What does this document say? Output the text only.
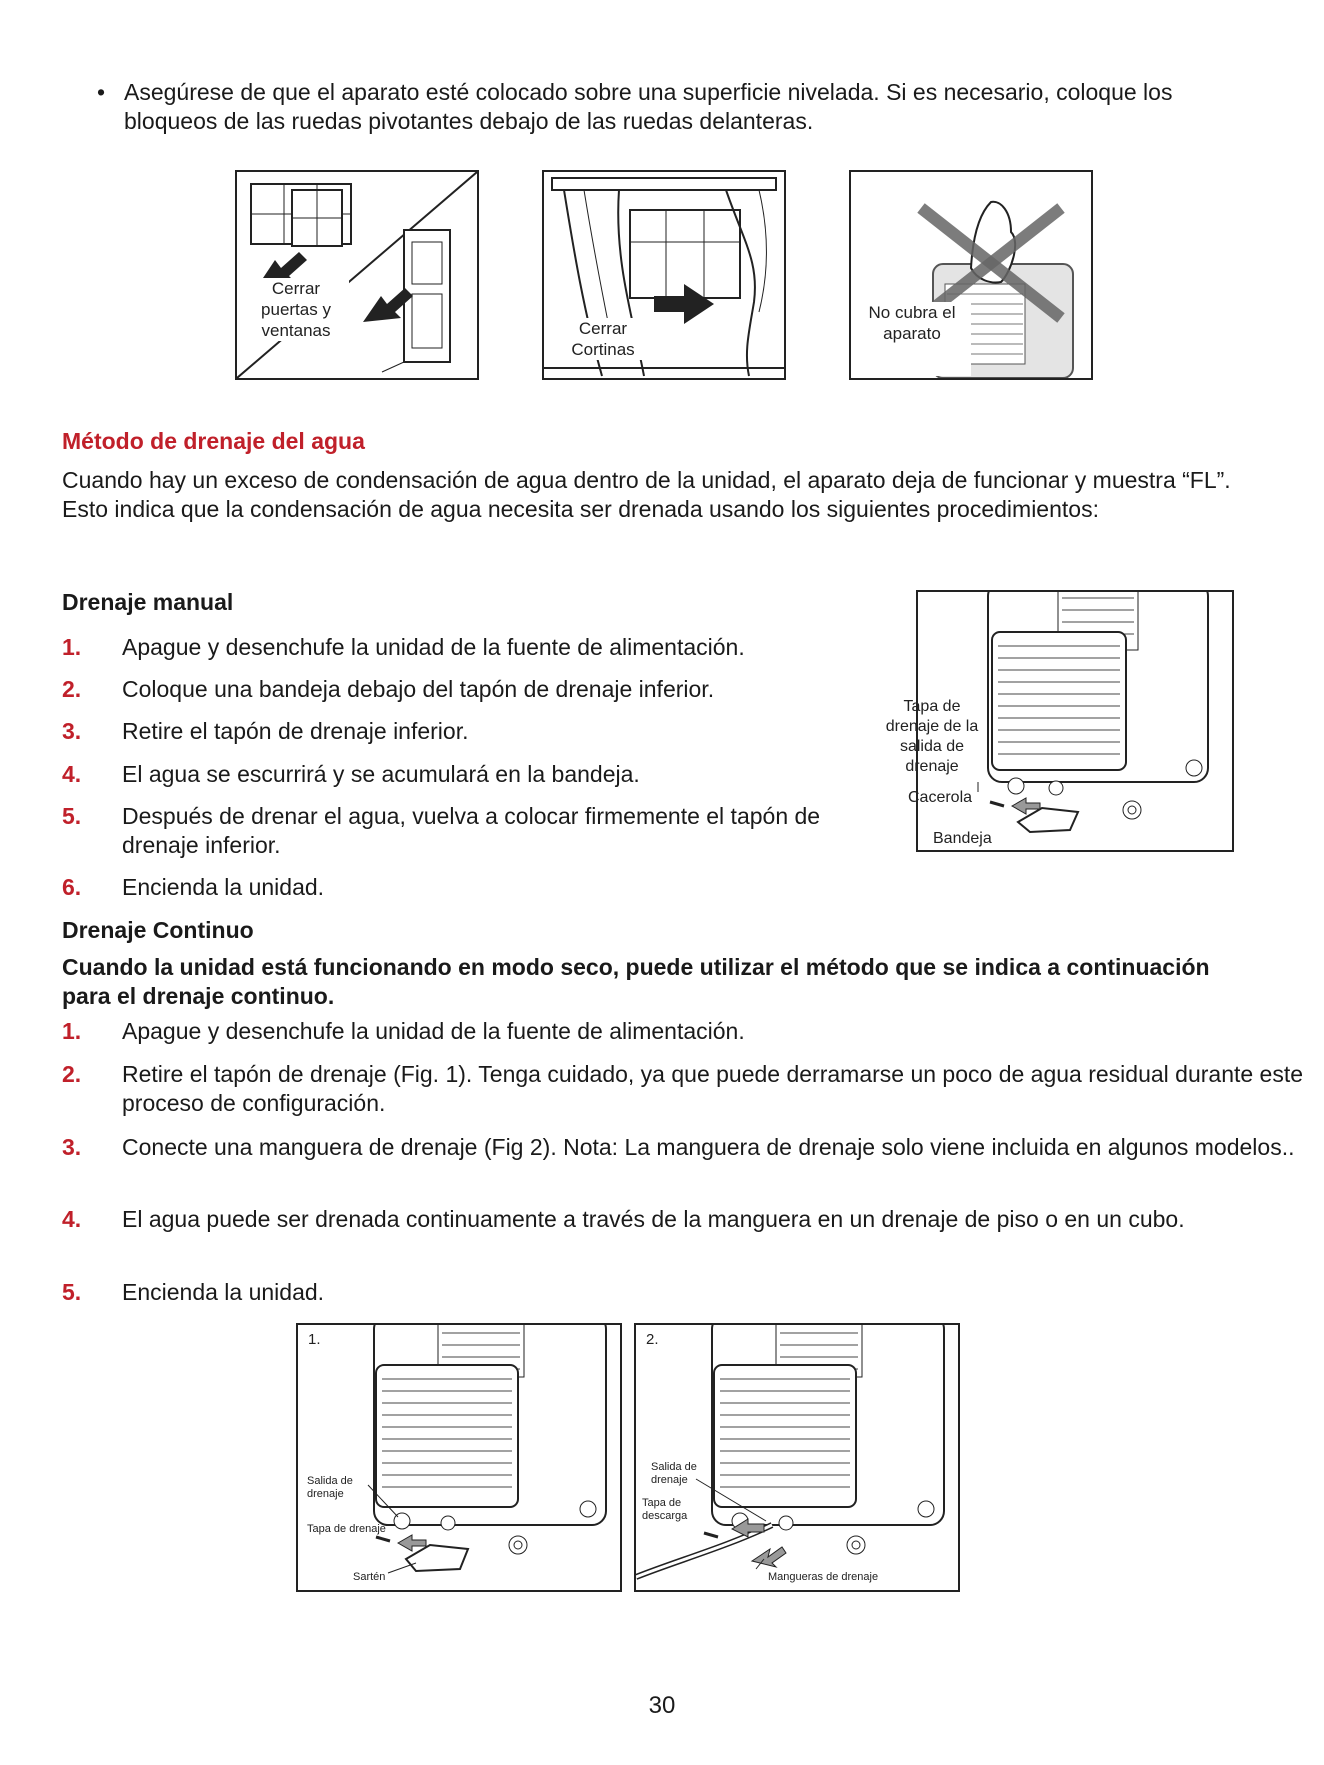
• Asegúrese de que el aparato esté colocado sobre una superficie nivelada. Si es necesario, coloque los bloqueos de las ruedas pivotantes debajo de las ruedas delanteras.
Cerrar puertas y ventanas	Cerrar Cortinas
No cubra el aparato
Método de drenaje del agua
Cuando hay un exceso de condensación de agua dentro de la unidad, el aparato deja de funcionar y muestra “FL”. Esto indica que la condensación de agua necesita ser drenada usando los siguientes procedimientos:
Drenaje manual
1. Apague y desenchufe la unidad de la fuente de alimentación.
2. Coloque una bandeja debajo del tapón de drenaje inferior.
3. Retire el tapón de drenaje inferior.
4. El agua se escurrirá y se acumulará en la bandeja.
5. Después de drenar el agua, vuelva a colocar firmemente el tapón de drenaje inferior.
6. Encienda la unidad.
Tapa de drenaje de la salida de drenaje
Cacerola
Bandeja
Drenaje Continuo
Cuando la unidad está funcionando en modo seco, puede utilizar el método que se indica a continuación para el drenaje continuo.
1. Apague y desenchufe la unidad de la fuente de alimentación.
2. Retire el tapón de drenaje (Fig. 1). Tenga cuidado, ya que puede derramarse un poco de agua residual durante este proceso de configuración.
3. Conecte una manguera de drenaje (Fig 2). Nota: La manguera de drenaje solo viene incluida en algunos modelos..
4. El agua puede ser drenada continuamente a través de la manguera en un drenaje de piso o en un cubo.
5. Encienda la unidad.
1.
Salida de drenaje
Tapa de drenaje
Sartén
2.
Salida de drenaje
Tapa de descarga
Mangueras de drenaje
30
